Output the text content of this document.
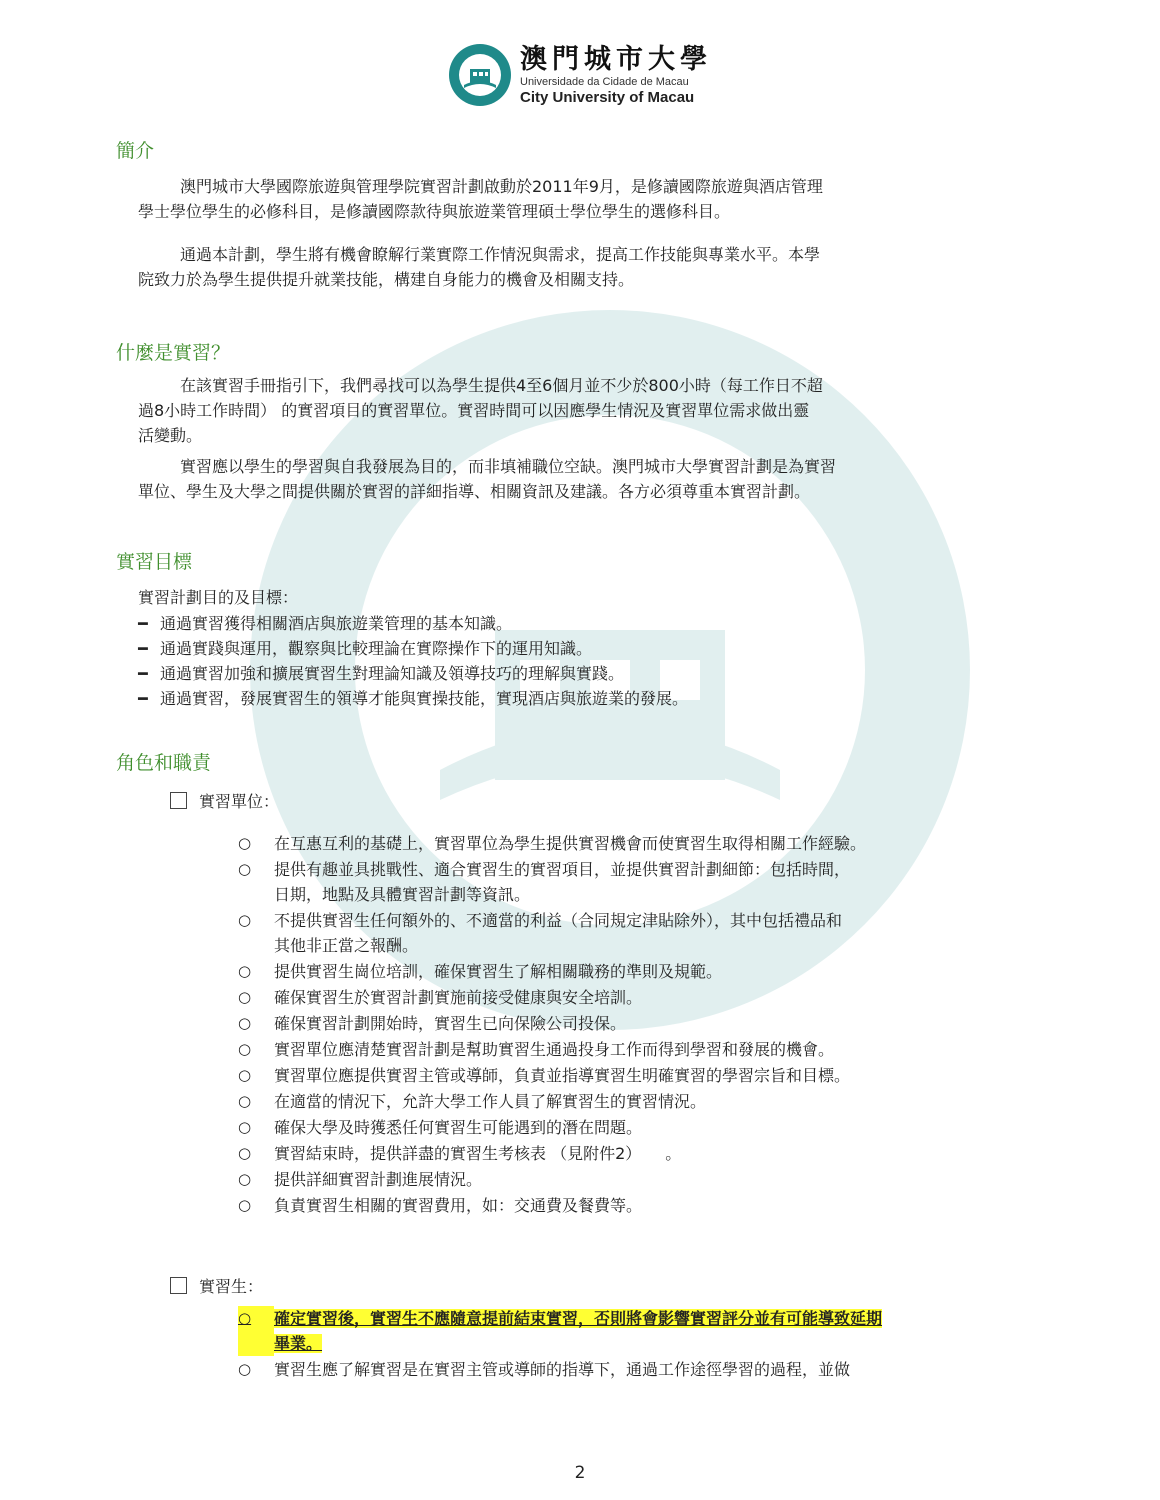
澳門城市大學
Universidade da Cidade de Macau
City University of Macau
簡介
澳門城市大學國際旅遊與管理學院實習計劃啟動於2011年9月，是修讀國際旅遊與酒店管理
學士學位學生的必修科目，是修讀國際款待與旅遊業管理碩士學位學生的選修科目。
通過本計劃，學生將有機會瞭解行業實際工作情況與需求，提高工作技能與專業水平。本學
院致力於為學生提供提升就業技能，構建自身能力的機會及相關支持。
什麼是實習？
在該實習手冊指引下，我們尋找可以為學生提供4至6個月並不少於800小時（每工作日不超
過8小時工作時間） 的實習項目的實習單位。實習時間可以因應學生情況及實習單位需求做出靈
活變動。
實習應以學生的學習與自我發展為目的，而非填補職位空缺。澳門城市大學實習計劃是為實習
單位、學生及大學之間提供關於實習的詳細指導、相關資訊及建議。各方必須尊重本實習計劃。
實習目標
實習計劃目的及目標：
━ 通過實習獲得相關酒店與旅遊業管理的基本知識。
━ 通過實踐與運用，觀察與比較理論在實際操作下的運用知識。
━ 通過實習加強和擴展實習生對理論知識及領導技巧的理解與實踐。
━ 通過實習，發展實習生的領導才能與實操技能，實現酒店與旅遊業的發展。
角色和職責
實習單位：
○	在互惠互利的基礎上，實習單位為學生提供實習機會而使實習生取得相關工作經驗。
○	提供有趣並具挑戰性、適合實習生的實習項目，並提供實習計劃細節：包括時間，
日期，地點及具體實習計劃等資訊。
○	不提供實習生任何額外的、不適當的利益（合同規定津貼除外），其中包括禮品和
其他非正當之報酬。
○	提供實習生崗位培訓，確保實習生了解相關職務的準則及規範。
○	確保實習生於實習計劃實施前接受健康與安全培訓。
○	確保實習計劃開始時，實習生已向保險公司投保。
○	實習單位應清楚實習計劃是幫助實習生通過投身工作而得到學習和發展的機會。
○	實習單位應提供實習主管或導師，負責並指導實習生明確實習的學習宗旨和目標。
○	在適當的情況下，允許大學工作人員了解實習生的實習情況。
○	確保大學及時獲悉任何實習生可能遇到的潛在問題。
○	實習結束時，提供詳盡的實習生考核表 （見附件2）　　。
○	提供詳細實習計劃進展情況。
○	負責實習生相關的實習費用，如：交通費及餐費等。
實習生：
○	確定實習後，實習生不應隨意提前結束實習，否則將會影響實習評分並有可能導致延期
畢業。
○	實習生應了解實習是在實習主管或導師的指導下，通過工作途徑學習的過程，並做
2
